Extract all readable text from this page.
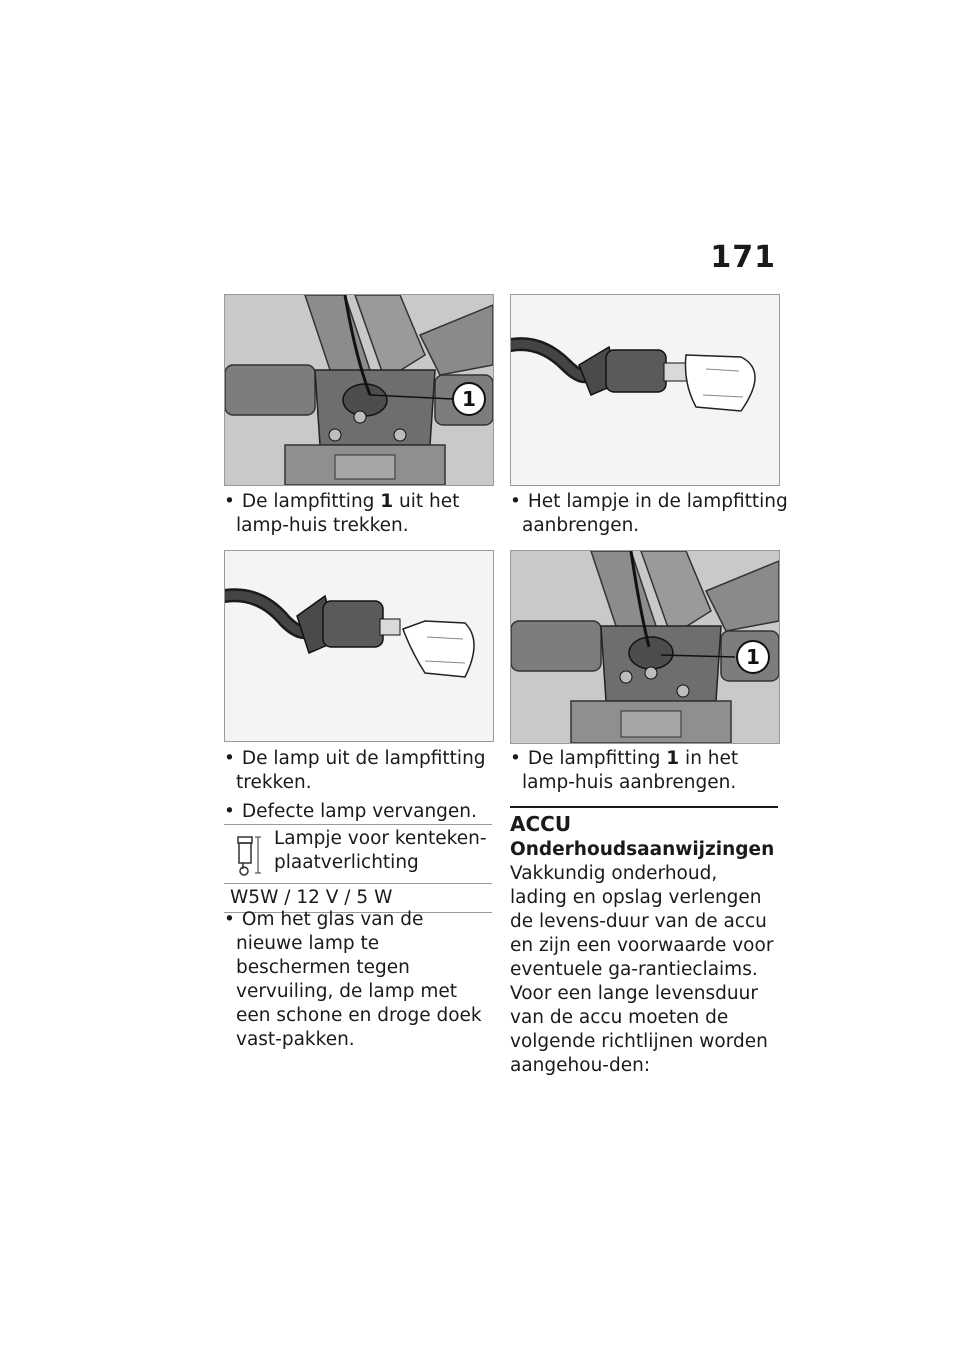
171
1
• De lampfitting 1 uit het lamp-huis trekken.
• Het lampje in de lampfitting aanbrengen.
1
• De lamp uit de lampfitting trekken.
• De lampfitting 1 in het lamp-huis aanbrengen.
• Defecte lamp vervangen.
Lampje voor kenteken-plaatverlichting
W5W / 12 V / 5 W
• Om het glas van de nieuwe lamp te beschermen tegen vervuiling, de lamp met een schone en droge doek vast-pakken.
ACCU
Onderhoudsaanwijzingen
Vakkundig onderhoud, lading en opslag verlengen de levens-duur van de accu en zijn een voorwaarde voor eventuele ga-rantieclaims.
Voor een lange levensduur van de accu moeten de volgende richtlijnen worden aangehou-den:
